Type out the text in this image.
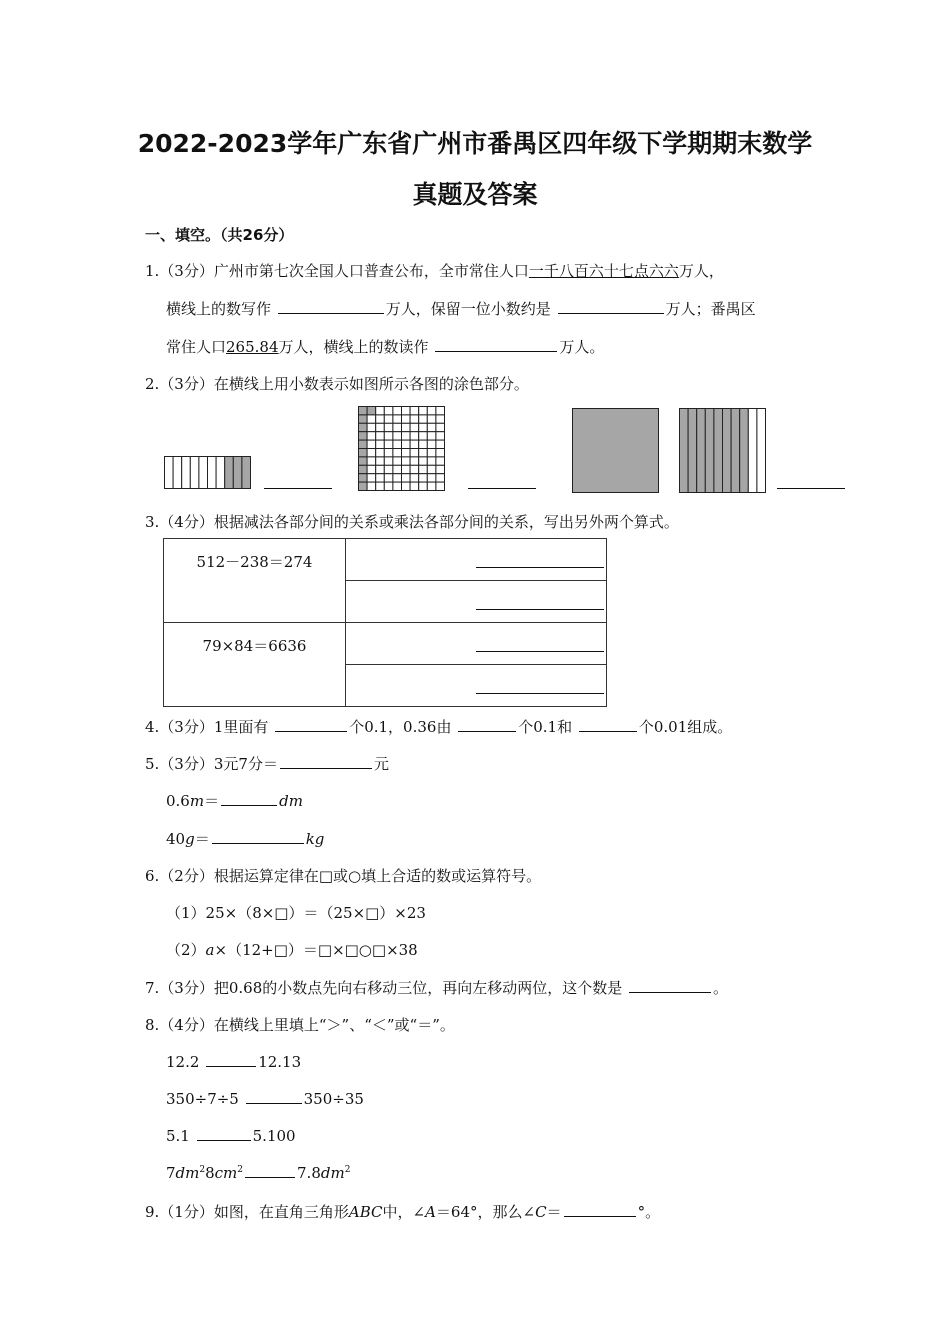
2022-2023学年广东省广州市番禺区四年级下学期期末数学
真题及答案
一、填空。（共26分）
1.（3分）广州市第七次全国人口普查公布，全市常住人口一千八百六十七点六六万人，
横线上的数写作	万人，保留一位小数约是	万人；番禺区
常住人口265.84万人，横线上的数读作	万人。
2.（3分）在横线上用小数表示如图所示各图的涂色部分。
3.（4分）根据减法各部分间的关系或乘法各部分间的关系，写出另外两个算式。
512－238＝274	

79×84＝6636	

4.（3分）1里面有	个0.1，0.36由	个0.1和	个0.01组成。
5.（3分）3元7分＝	元
0.6m＝	dm
40g＝	kg
6.（2分）根据运算定律在□或○填上合适的数或运算符号。
（1）25×（8×□）＝（25×□）×23
（2）a×（12+□）＝□×□○□×38
7.（3分）把0.68的小数点先向右移动三位，再向左移动两位，这个数是	。
8.（4分）在横线上里填上“＞”、“＜”或“＝”。
12.2	12.13
350÷7÷5	350÷35
5.1	5.100
$7dm^28cm^2$	$7.8dm^2$
9.（1分）如图，在直角三角形ABC中，∠A＝64°，那么∠C＝	°。
